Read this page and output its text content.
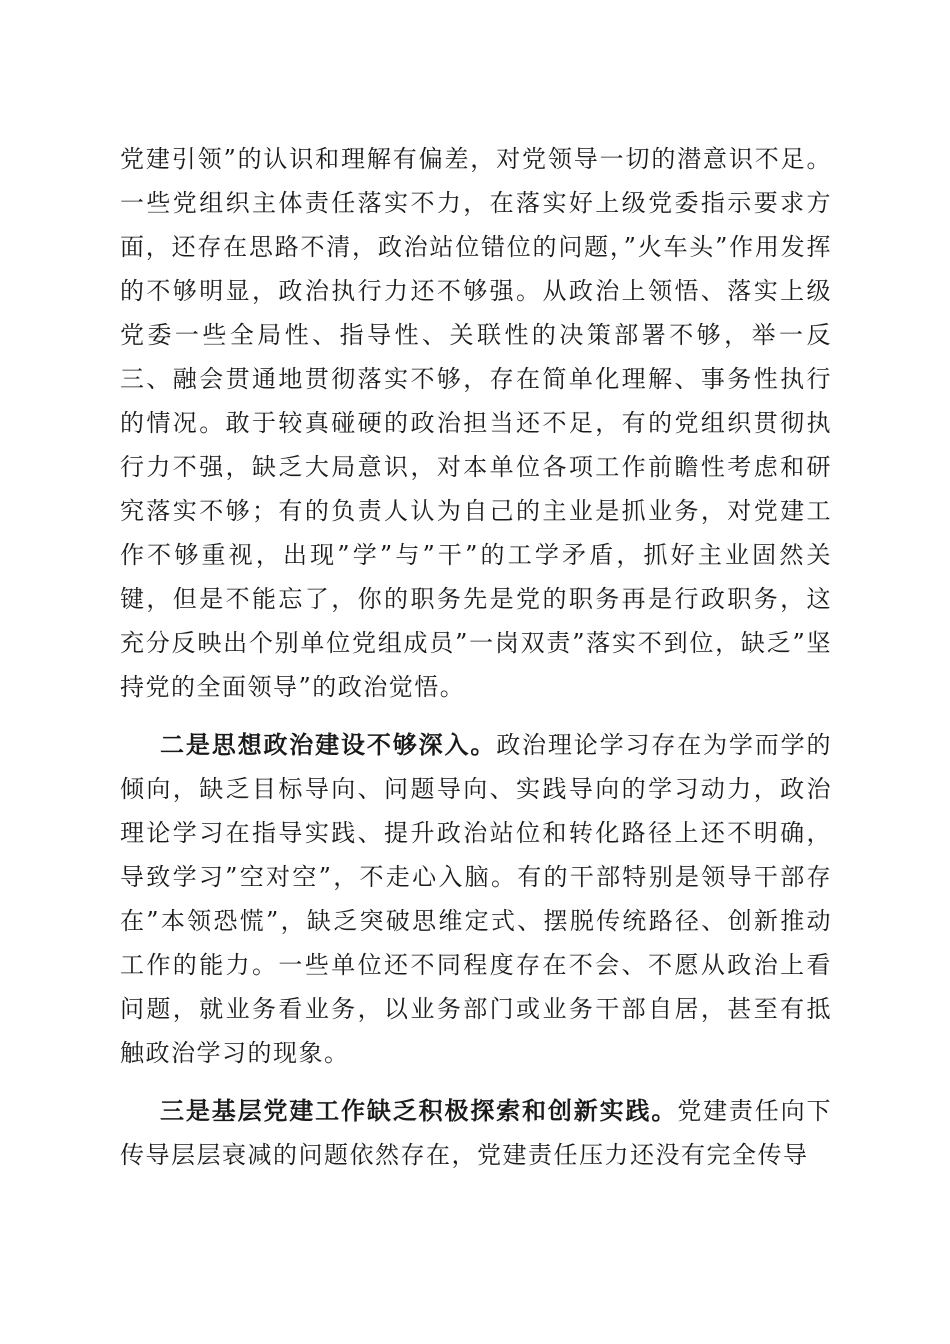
党建引领”的认识和理解有偏差，对党领导一切的潜意识不足。一些党组织主体责任落实不力，在落实好上级党委指示要求方面，还存在思路不清，政治站位错位的问题，”火车头”作用发挥的不够明显，政治执行力还不够强。从政治上领悟、落实上级党委一些全局性、指导性、关联性的决策部署不够，举一反三、融会贯通地贯彻落实不够，存在简单化理解、事务性执行的情况。敢于较真碰硬的政治担当还不足，有的党组织贯彻执行力不强，缺乏大局意识，对本单位各项工作前瞻性考虑和研究落实不够；有的负责人认为自己的主业是抓业务，对党建工作不够重视，出现”学”与”干”的工学矛盾，抓好主业固然关键，但是不能忘了，你的职务先是党的职务再是行政职务，这充分反映出个别单位党组成员”一岗双责”落实不到位，缺乏”坚持党的全面领导”的政治觉悟。

二是思想政治建设不够深入。政治理论学习存在为学而学的倾向，缺乏目标导向、问题导向、实践导向的学习动力，政治理论学习在指导实践、提升政治站位和转化路径上还不明确，导致学习”空对空”，不走心入脑。有的干部特别是领导干部存在”本领恐慌”，缺乏突破思维定式、摆脱传统路径、创新推动工作的能力。一些单位还不同程度存在不会、不愿从政治上看问题，就业务看业务，以业务部门或业务干部自居，甚至有抵触政治学习的现象。

三是基层党建工作缺乏积极探索和创新实践。党建责任向下传导层层衰减的问题依然存在，党建责任压力还没有完全传导
